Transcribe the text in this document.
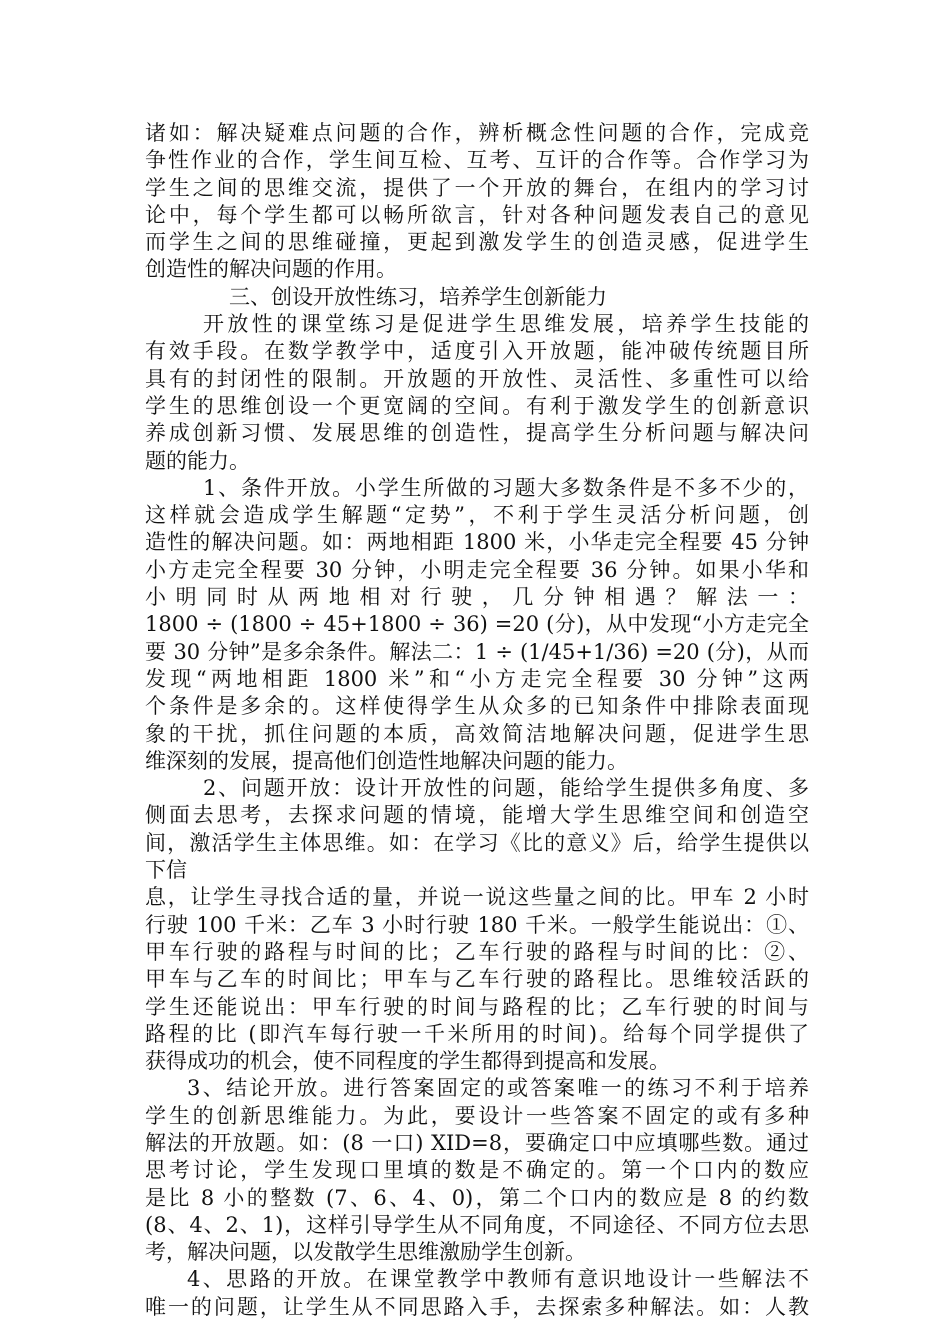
诸如：解决疑难点问题的合作，辨析概念性问题的合作，完成竞
争性作业的合作，学生间互检、互考、互讦的合作等。合作学习为
学生之间的思维交流，提供了一个开放的舞台，在组内的学习讨
论中，每个学生都可以畅所欲言，针对各种问题发表自己的意见
而学生之间的思维碰撞，更起到激发学生的创造灵感，促进学生
创造性的解决问题的作用。
三、创设开放性练习，培养学生创新能力
开放性的课堂练习是促进学生思维发展，培养学生技能的
有效手段。在数学教学中，适度引入开放题，能冲破传统题目所
具有的封闭性的限制。开放题的开放性、灵活性、多重性可以给
学生的思维创设一个更宽阔的空间。有利于激发学生的创新意识
养成创新习惯、发展思维的创造性，提高学生分析问题与解决问
题的能力。
1、条件开放。小学生所做的习题大多数条件是不多不少的，
这样就会造成学生解题“定势”，不利于学生灵活分析问题，创
造性的解决问题。如：两地相距 1800 米，小华走完全程要 45 分钟
小方走完全程要 30 分钟，小明走完全程要 36 分钟。如果小华和
小 明 同 时 从 两 地 相 对 行 驶 ， 几 分 钟 相 遇 ？ 解 法 一 ：
1800 ÷ (1800 ÷ 45+1800 ÷ 36) =20 (分)，从中发现“小方走完全
要 30 分钟”是多余条件。解法二：1 ÷ (1/45+1/36) =20 (分)，从而
发现“两地相距 1800 米”和“小方走完全程要 30 分钟”这两
个条件是多余的。这样使得学生从众多的已知条件中排除表面现
象的干扰，抓住问题的本质，高效简洁地解决问题，促进学生思
维深刻的发展，提高他们创造性地解决问题的能力。
2、问题开放：设计开放性的问题，能给学生提供多角度、多
侧面去思考，去探求问题的情境，能增大学生思维空间和创造空
间，激活学生主体思维。如：在学习《比的意义》后，给学生提供以
下信
息，让学生寻找合适的量，并说一说这些量之间的比。甲车 2 小时
行驶 100 千米：乙车 3 小时行驶 180 千米。一般学生能说出：①、
甲车行驶的路程与时间的比；乙车行驶的路程与时间的比：②、
甲车与乙车的时间比；甲车与乙车行驶的路程比。思维较活跃的
学生还能说出：甲车行驶的时间与路程的比；乙车行驶的时间与
路程的比 (即汽车每行驶一千米所用的时间)。给每个同学提供了
获得成功的机会，使不同程度的学生都得到提高和发展。
3、结论开放。进行答案固定的或答案唯一的练习不利于培养
学生的创新思维能力。为此，要设计一些答案不固定的或有多种
解法的开放题。如：(8 一口) XID=8，要确定口中应填哪些数。通过
思考讨论，学生发现口里填的数是不确定的。第一个口内的数应
是比 8 小的整数 (7、6、4、0)，第二个口内的数应是 8 的约数
(8、4、2、1)，这样引导学生从不同角度，不同途径、不同方位去思
考，解决问题，以发散学生思维激励学生创新。
4、思路的开放。在课堂教学中教师有意识地设计一些解法不
唯一的问题，让学生从不同思路入手，去探索多种解法。如：人教
